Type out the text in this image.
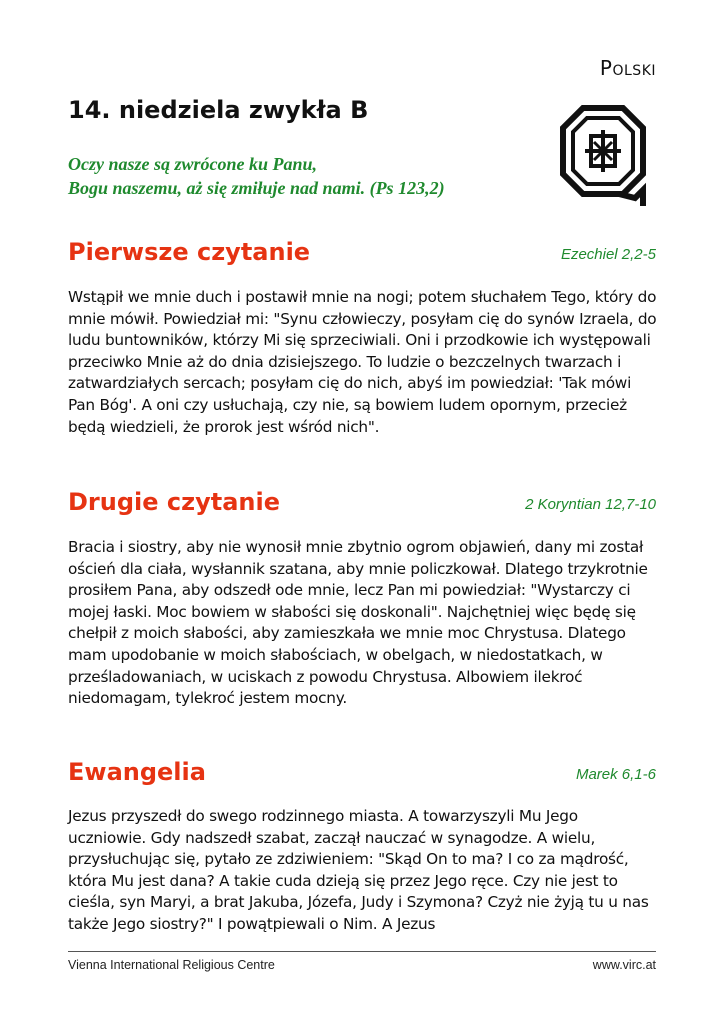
Polski
14. niedziela zwykła B
Oczy nasze są zwrócone ku Panu,
Bogu naszemu, aż się zmiłuje nad nami. (Ps 123,2)
Pierwsze czytanie	Ezechiel 2,2-5

Wstąpił we mnie duch i postawił mnie na nogi; potem słuchałem Tego, który do mnie mówił. Powiedział mi: "Synu człowieczy, posyłam cię do synów Izraela, do ludu buntowników, którzy Mi się sprzeciwiali. Oni i przodkowie ich występowali przeciwko Mnie aż do dnia dzisiejszego. To ludzie o bezczelnych twarzach i zatwardziałych sercach; posyłam cię do nich, abyś im powiedział: 'Tak mówi Pan Bóg'. A oni czy usłuchają, czy nie, są bowiem ludem opornym, przecież będą wiedzieli, że prorok jest wśród nich".

Drugie czytanie	2 Koryntian 12,7-10

Bracia i siostry, aby nie wynosił mnie zbytnio ogrom objawień, dany mi został oścień dla ciała, wysłannik szatana, aby mnie policzkował. Dlatego trzykrotnie prosiłem Pana, aby odszedł ode mnie, lecz Pan mi powiedział: "Wystarczy ci mojej łaski. Moc bowiem w słabości się doskonali". Najchętniej więc będę się chełpił z moich słabości, aby zamieszkała we mnie moc Chrystusa. Dlatego mam upodobanie w moich słabościach, w obelgach, w niedostatkach, w prześladowaniach, w uciskach z powodu Chrystusa. Albowiem ilekroć niedomagam, tylekroć jestem mocny.

Ewangelia	Marek 6,1-6

Jezus przyszedł do swego rodzinnego miasta. A towarzyszyli Mu Jego uczniowie. Gdy nadszedł szabat, zaczął nauczać w synagodze. A wielu, przysłuchując się, pytało ze zdziwieniem: "Skąd On to ma? I co za mądrość, która Mu jest dana? A takie cuda dzieją się przez Jego ręce. Czy nie jest to cieśla, syn Maryi, a brat Jakuba, Józefa, Judy i Szymona? Czyż nie żyją tu u nas także Jego siostry?" I powątpiewali o Nim. A Jezus

Vienna International Religious Centre	www.virc.at
